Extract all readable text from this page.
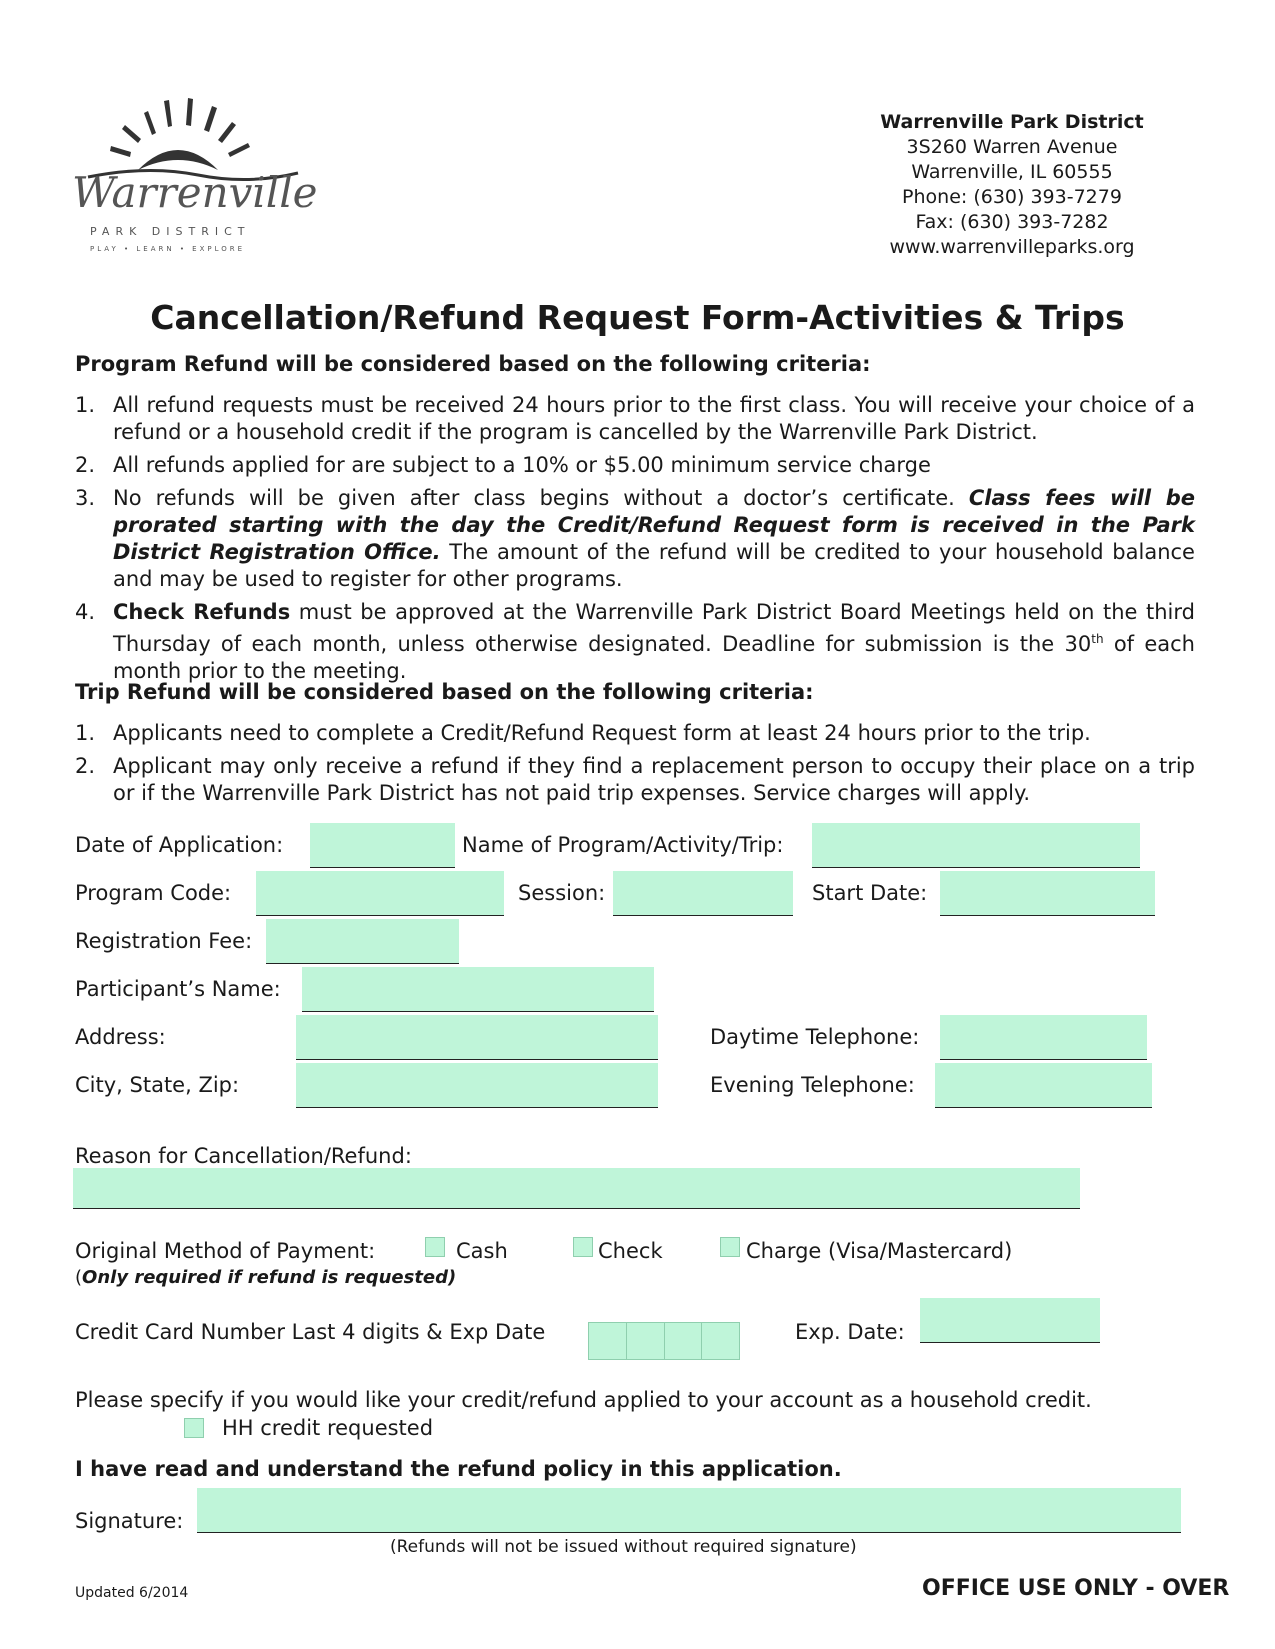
Warrenville
PARK DISTRICT
PLAY • LEARN • EXPLORE
Warrenville Park District
3S260 Warren Avenue
Warrenville, IL 60555
Phone: (630) 393-7279
Fax: (630) 393-7282
www.warrenvilleparks.org
Cancellation/Refund Request Form-Activities & Trips
Program Refund will be considered based on the following criteria:
1. All refund requests must be received 24 hours prior to the first class. You will receive your choice of a refund or a household credit if the program is cancelled by the Warrenville Park District.
2. All refunds applied for are subject to a 10% or $5.00 minimum service charge
3. No refunds will be given after class begins without a doctor’s certificate. Class fees will be prorated starting with the day the Credit/Refund Request form is received in the Park District Registration Office. The amount of the refund will be credited to your household balance and may be used to register for other programs.
4. Check Refunds must be approved at the Warrenville Park District Board Meetings held on the third Thursday of each month, unless otherwise designated. Deadline for submission is the 30th of each month prior to the meeting.
Trip Refund will be considered based on the following criteria:
1. Applicants need to complete a Credit/Refund Request form at least 24 hours prior to the trip.
2. Applicant may only receive a refund if they find a replacement person to occupy their place on a trip or if the Warrenville Park District has not paid trip expenses. Service charges will apply.
Date of Application:	Name of Program/Activity/Trip:
Program Code:	Session:	Start Date:
Registration Fee:
Participant’s Name:
Address:	Daytime Telephone:
City, State, Zip:	Evening Telephone:
Reason for Cancellation/Refund:
Original Method of Payment:	Cash	Check	Charge (Visa/Mastercard)
(Only required if refund is requested)
Credit Card Number Last 4 digits & Exp Date	Exp. Date:
Please specify if you would like your credit/refund applied to your account as a household credit.
HH credit requested
I have read and understand the refund policy in this application.
Signature:
(Refunds will not be issued without required signature)
Updated 6/2014	OFFICE USE ONLY - OVER
